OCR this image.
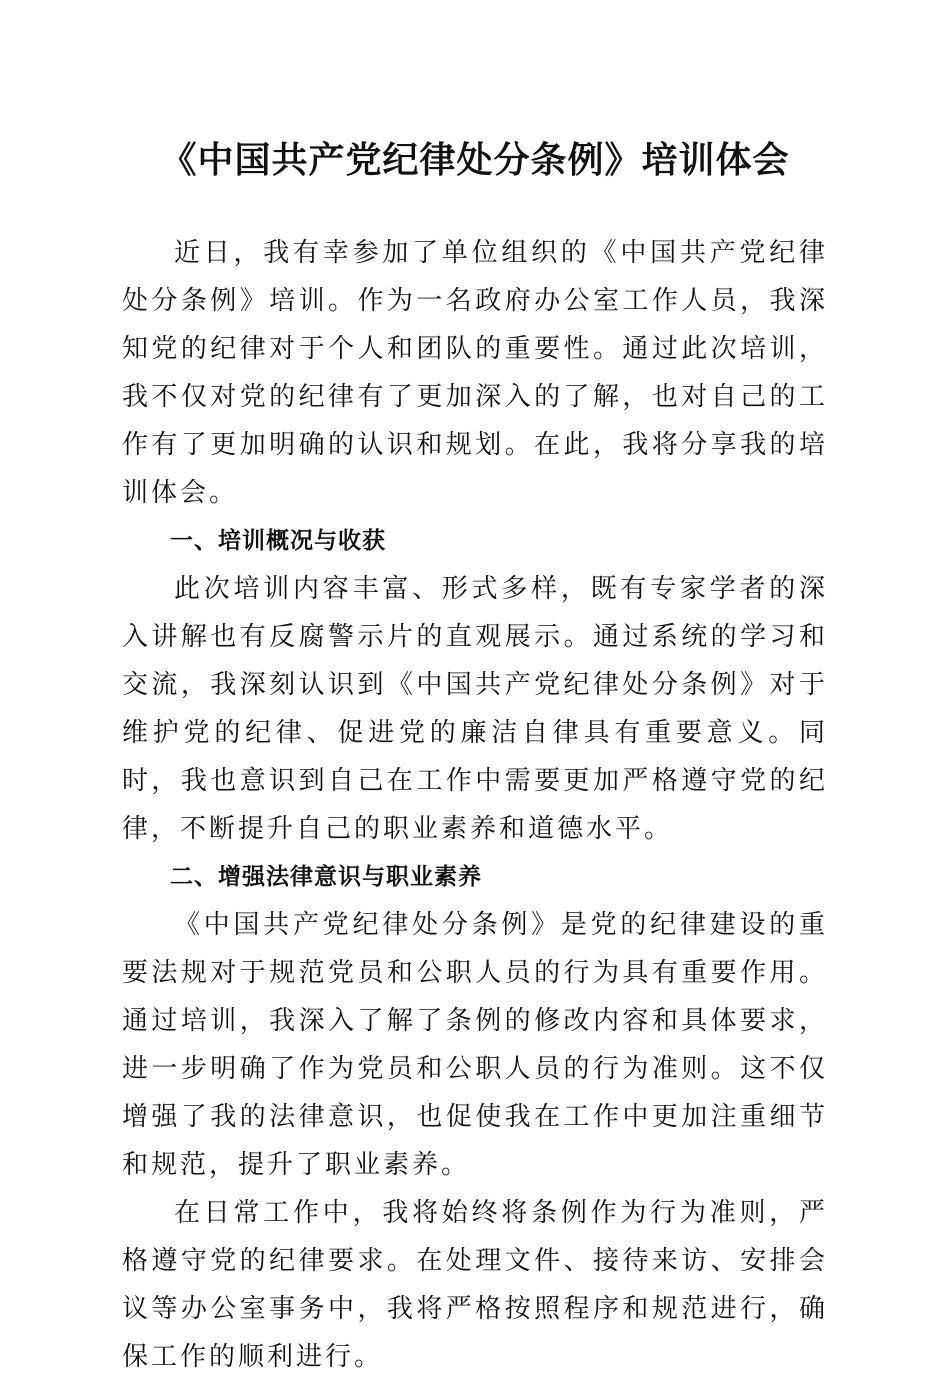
《中国共产党纪律处分条例》培训体会

近日，我有幸参加了单位组织的《中国共产党纪律处分条例》培训。作为一名政府办公室工作人员，我深知党的纪律对于个人和团队的重要性。通过此次培训，我不仅对党的纪律有了更加深入的了解，也对自己的工作有了更加明确的认识和规划。在此，我将分享我的培训体会。

一、培训概况与收获

此次培训内容丰富、形式多样，既有专家学者的深入讲解也有反腐警示片的直观展示。通过系统的学习和交流，我深刻认识到《中国共产党纪律处分条例》对于维护党的纪律、促进党的廉洁自律具有重要意义。同时，我也意识到自己在工作中需要更加严格遵守党的纪律，不断提升自己的职业素养和道德水平。

二、增强法律意识与职业素养

《中国共产党纪律处分条例》是党的纪律建设的重要法规对于规范党员和公职人员的行为具有重要作用。通过培训，我深入了解了条例的修改内容和具体要求，进一步明确了作为党员和公职人员的行为准则。这不仅增强了我的法律意识，也促使我在工作中更加注重细节和规范，提升了职业素养。

在日常工作中，我将始终将条例作为行为准则，严格遵守党的纪律要求。在处理文件、接待来访、安排会议等办公室事务中，我将严格按照程序和规范进行，确保工作的顺利进行。
